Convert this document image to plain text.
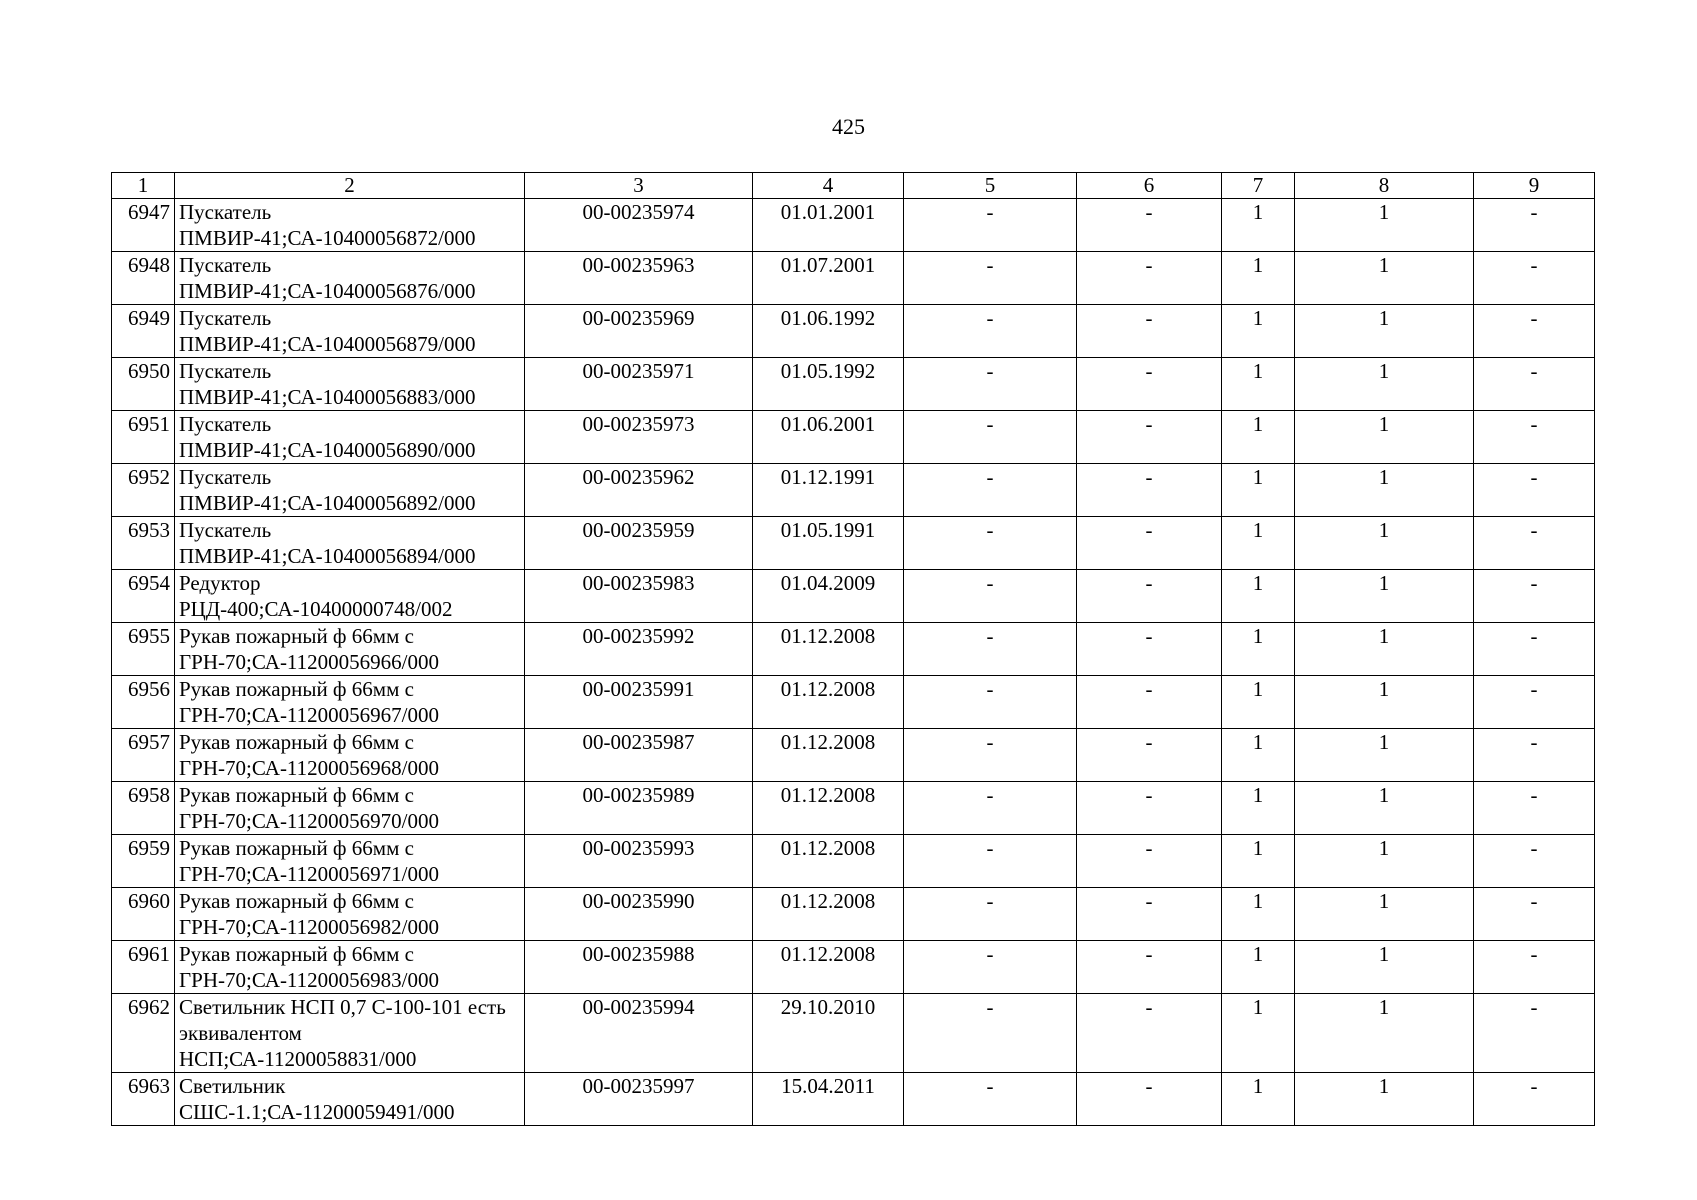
425
1	2	3	4	5	6	7	8	9
6947	Пускатель ПМВИР-41;СА-10400056872/000	00-00235974	01.01.2001	-	-	1	1	-
6948	Пускатель ПМВИР-41;СА-10400056876/000	00-00235963	01.07.2001	-	-	1	1	-
6949	Пускатель ПМВИР-41;СА-10400056879/000	00-00235969	01.06.1992	-	-	1	1	-
6950	Пускатель ПМВИР-41;СА-10400056883/000	00-00235971	01.05.1992	-	-	1	1	-
6951	Пускатель ПМВИР-41;СА-10400056890/000	00-00235973	01.06.2001	-	-	1	1	-
6952	Пускатель ПМВИР-41;СА-10400056892/000	00-00235962	01.12.1991	-	-	1	1	-
6953	Пускатель ПМВИР-41;СА-10400056894/000	00-00235959	01.05.1991	-	-	1	1	-
6954	Редуктор РЦД-400;СА-10400000748/002	00-00235983	01.04.2009	-	-	1	1	-
6955	Рукав пожарный ф 66мм с ГРН-70;СА-11200056966/000	00-00235992	01.12.2008	-	-	1	1	-
6956	Рукав пожарный ф 66мм с ГРН-70;СА-11200056967/000	00-00235991	01.12.2008	-	-	1	1	-
6957	Рукав пожарный ф 66мм с ГРН-70;СА-11200056968/000	00-00235987	01.12.2008	-	-	1	1	-
6958	Рукав пожарный ф 66мм с ГРН-70;СА-11200056970/000	00-00235989	01.12.2008	-	-	1	1	-
6959	Рукав пожарный ф 66мм с ГРН-70;СА-11200056971/000	00-00235993	01.12.2008	-	-	1	1	-
6960	Рукав пожарный ф 66мм с ГРН-70;СА-11200056982/000	00-00235990	01.12.2008	-	-	1	1	-
6961	Рукав пожарный ф 66мм с ГРН-70;СА-11200056983/000	00-00235988	01.12.2008	-	-	1	1	-
6962	Светильник НСП 0,7 С-100-101 есть эквивалентом НСП;СА-11200058831/000	00-00235994	29.10.2010	-	-	1	1	-
6963	Светильник СШС-1.1;СА-11200059491/000	00-00235997	15.04.2011	-	-	1	1	-
